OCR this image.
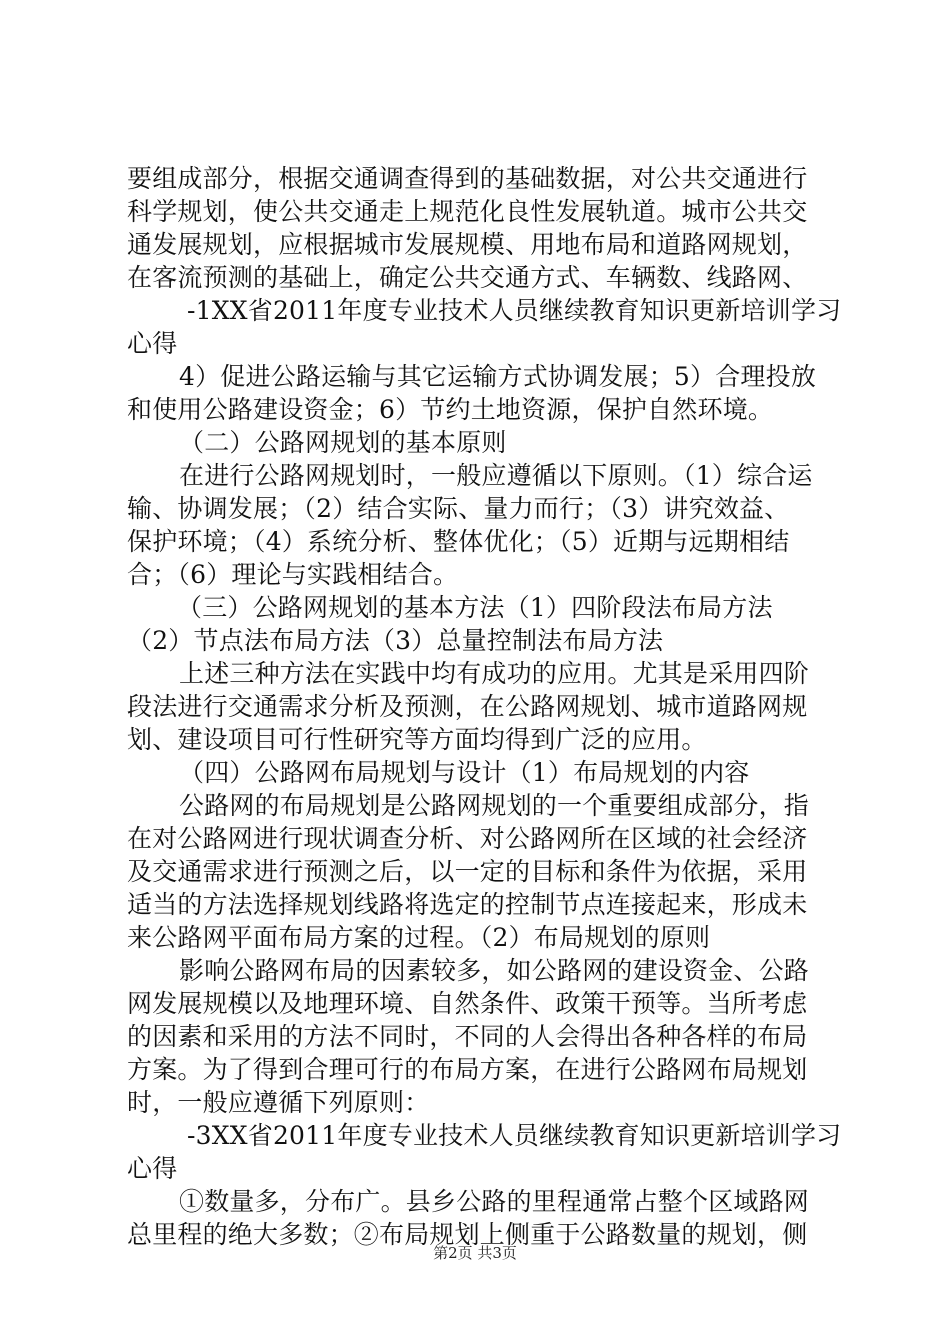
要组成部分，根据交通调查得到的基础数据，对公共交通进行
科学规划，使公共交通走上规范化良性发展轨道。城市公共交
通发展规划，应根据城市发展规模、用地布局和道路网规划，
在客流预测的基础上，确定公共交通方式、车辆数、线路网、
-1XX省2011年度专业技术人员继续教育知识更新培训学习
心得
4）促进公路运输与其它运输方式协调发展；5）合理投放
和使用公路建设资金；6）节约土地资源，保护自然环境。
（二）公路网规划的基本原则
在进行公路网规划时，一般应遵循以下原则。（1）综合运
输、协调发展；（2）结合实际、量力而行；（3）讲究效益、
保护环境；（4）系统分析、整体优化；（5）近期与远期相结
合；（6）理论与实践相结合。
（三）公路网规划的基本方法（1）四阶段法布局方法
（2）节点法布局方法（3）总量控制法布局方法
上述三种方法在实践中均有成功的应用。尤其是采用四阶
段法进行交通需求分析及预测，在公路网规划、城市道路网规
划、建设项目可行性研究等方面均得到广泛的应用。
（四）公路网布局规划与设计（1）布局规划的内容
公路网的布局规划是公路网规划的一个重要组成部分，指
在对公路网进行现状调查分析、对公路网所在区域的社会经济
及交通需求进行预测之后，以一定的目标和条件为依据，采用
适当的方法选择规划线路将选定的控制节点连接起来，形成未
来公路网平面布局方案的过程。（2）布局规划的原则
影响公路网布局的因素较多，如公路网的建设资金、公路
网发展规模以及地理环境、自然条件、政策干预等。当所考虑
的因素和采用的方法不同时，不同的人会得出各种各样的布局
方案。为了得到合理可行的布局方案，在进行公路网布局规划
时，一般应遵循下列原则：
-3XX省2011年度专业技术人员继续教育知识更新培训学习
心得
①数量多，分布广。县乡公路的里程通常占整个区域路网
总里程的绝大多数；②布局规划上侧重于公路数量的规划，侧
第2页 共3页
